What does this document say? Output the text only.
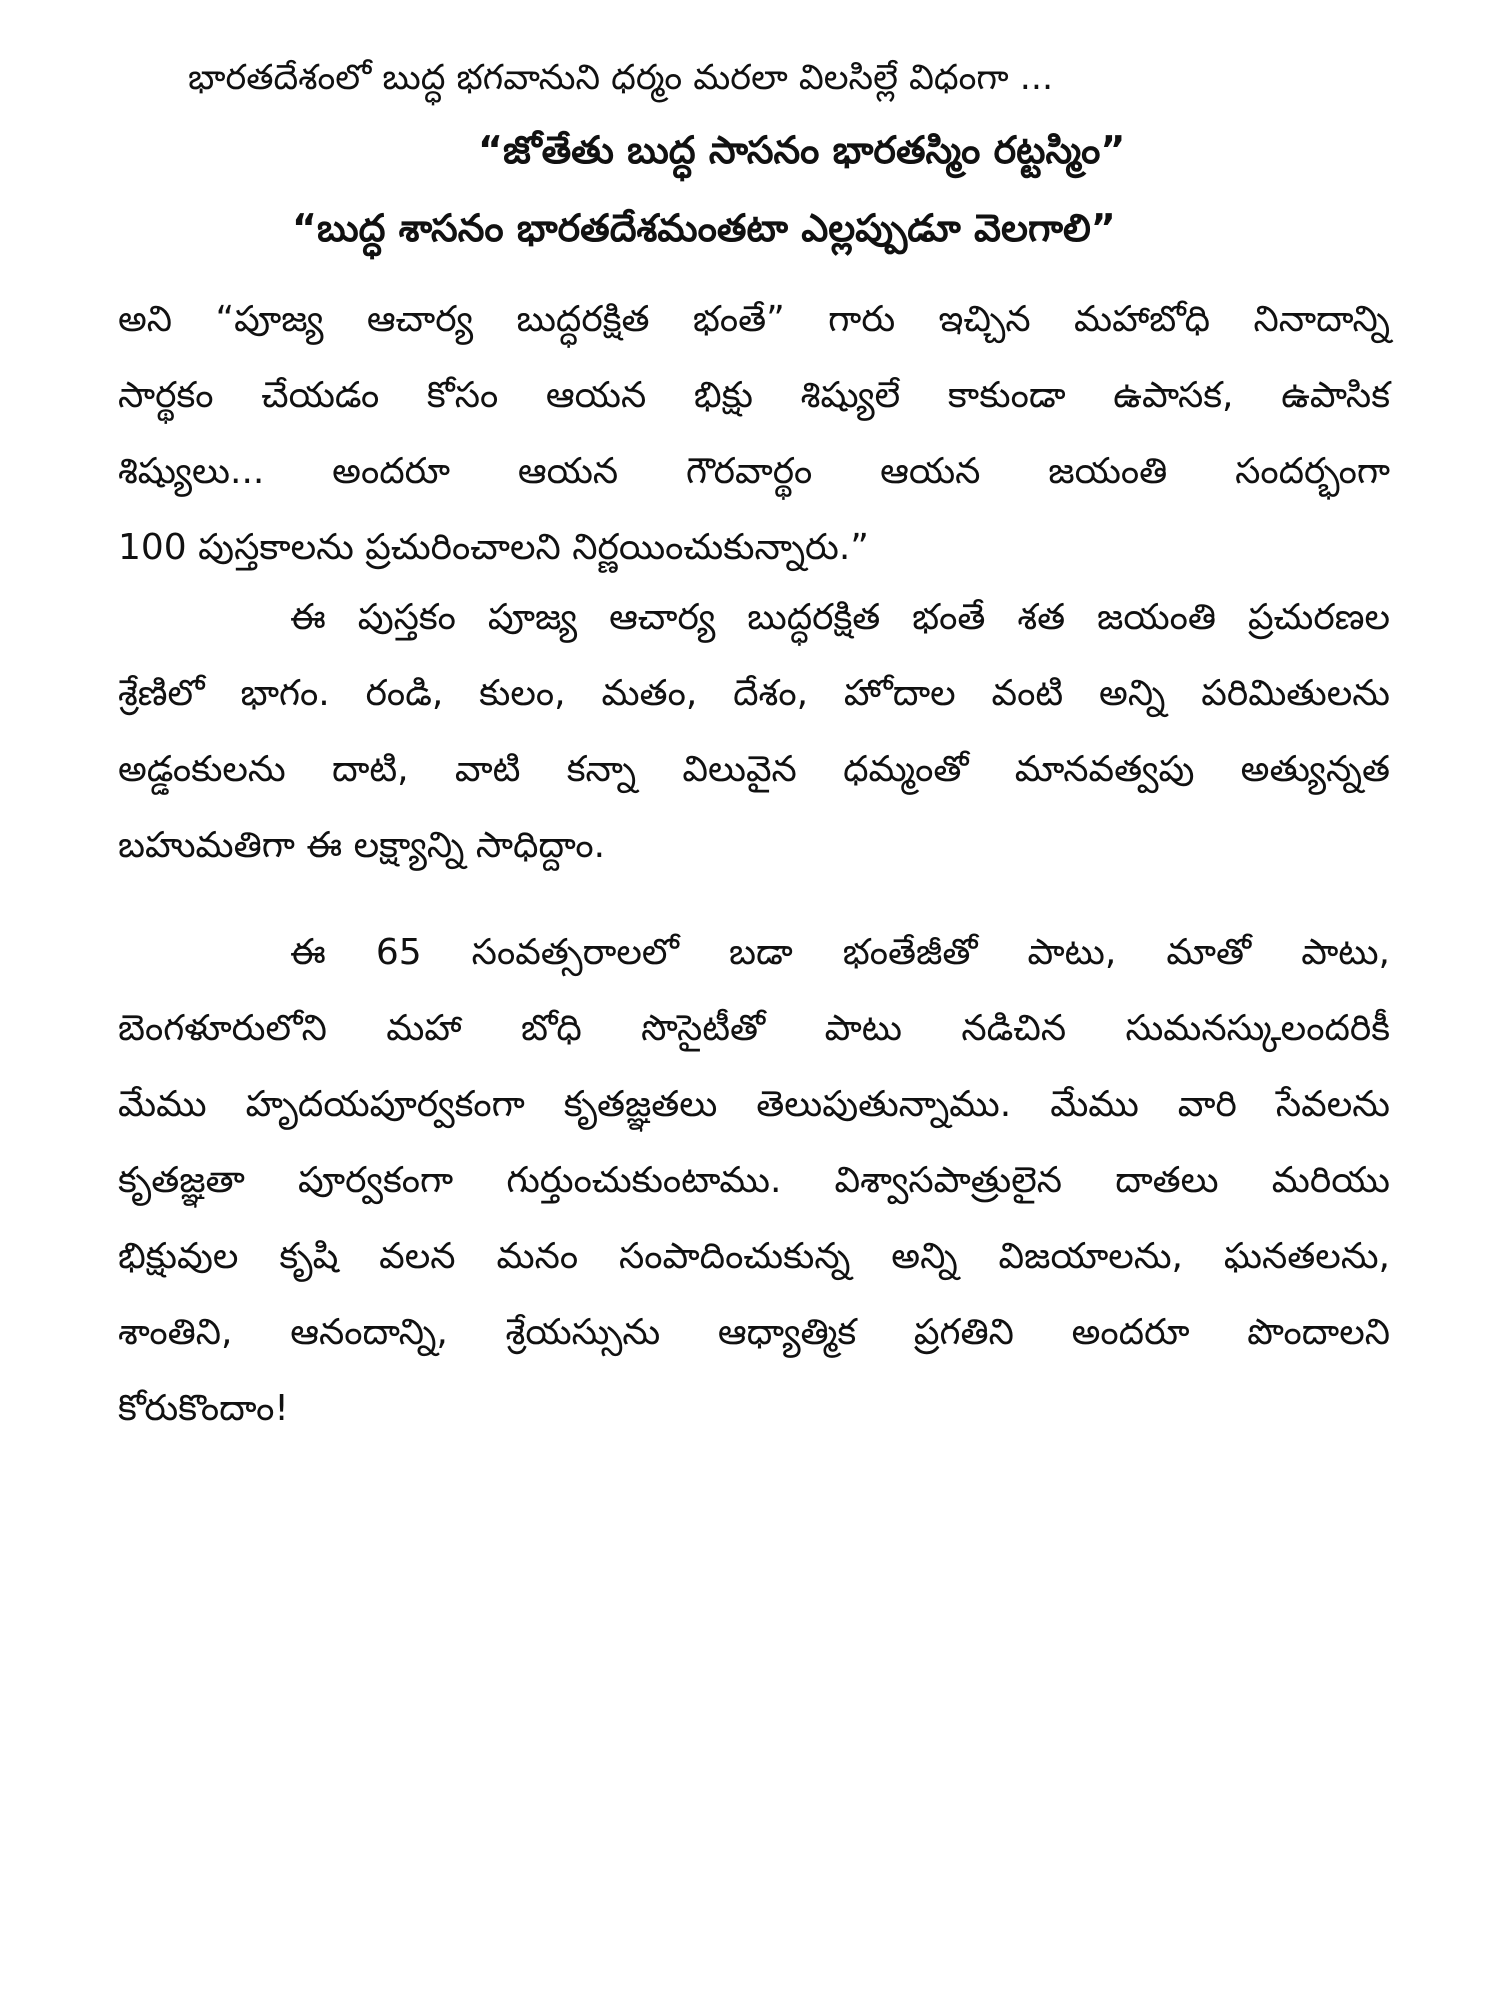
భారతదేశంలో బుద్ధ భగవానుని ధర్మం మరలా విలసిల్లే విధంగా ...
“జోతేతు బుద్ధ సాసనం భారతస్మిం రట్టస్మిం”
“బుద్ధ శాసనం భారతదేశమంతటా ఎల్లప్పుడూ వెలగాలి”
అని “పూజ్య ఆచార్య బుద్ధరక్షిత భంతే” గారు ఇచ్చిన మహాబోధి నినాదాన్ని
సార్థకం చేయడం కోసం ఆయన భిక్షు శిష్యులే కాకుండా ఉపాసక, ఉపాసిక
శిష్యులు... అందరూ ఆయన గౌరవార్థం ఆయన జయంతి సందర్భంగా
100 పుస్తకాలను ప్రచురించాలని నిర్ణయించుకున్నారు.”
ఈ పుస్తకం పూజ్య ఆచార్య బుద్ధరక్షిత భంతే శత జయంతి ప్రచురణల
శ్రేణిలో భాగం. రండి, కులం, మతం, దేశం, హోదాల వంటి అన్ని పరిమితులను
అడ్డంకులను దాటి, వాటి కన్నా విలువైన ధమ్మంతో మానవత్వపు అత్యున్నత
బహుమతిగా ఈ లక్ష్యాన్ని సాధిద్దాం.
ఈ 65 సంవత్సరాలలో బడా భంతేజీతో పాటు, మాతో పాటు,
బెంగళూరులోని మహా బోధి సొసైటీతో పాటు నడిచిన సుమనస్కులందరికీ
మేము హృదయపూర్వకంగా కృతజ్ఞతలు తెలుపుతున్నాము. మేము వారి సేవలను
కృతజ్ఞతా పూర్వకంగా గుర్తుంచుకుంటాము. విశ్వాసపాత్రులైన దాతలు మరియు
భిక్షువుల కృషి వలన మనం సంపాదించుకున్న అన్ని విజయాలను, ఘనతలను,
శాంతిని, ఆనందాన్ని, శ్రేయస్సును ఆధ్యాత్మిక ప్రగతిని అందరూ పొందాలని
కోరుకొందాం!
